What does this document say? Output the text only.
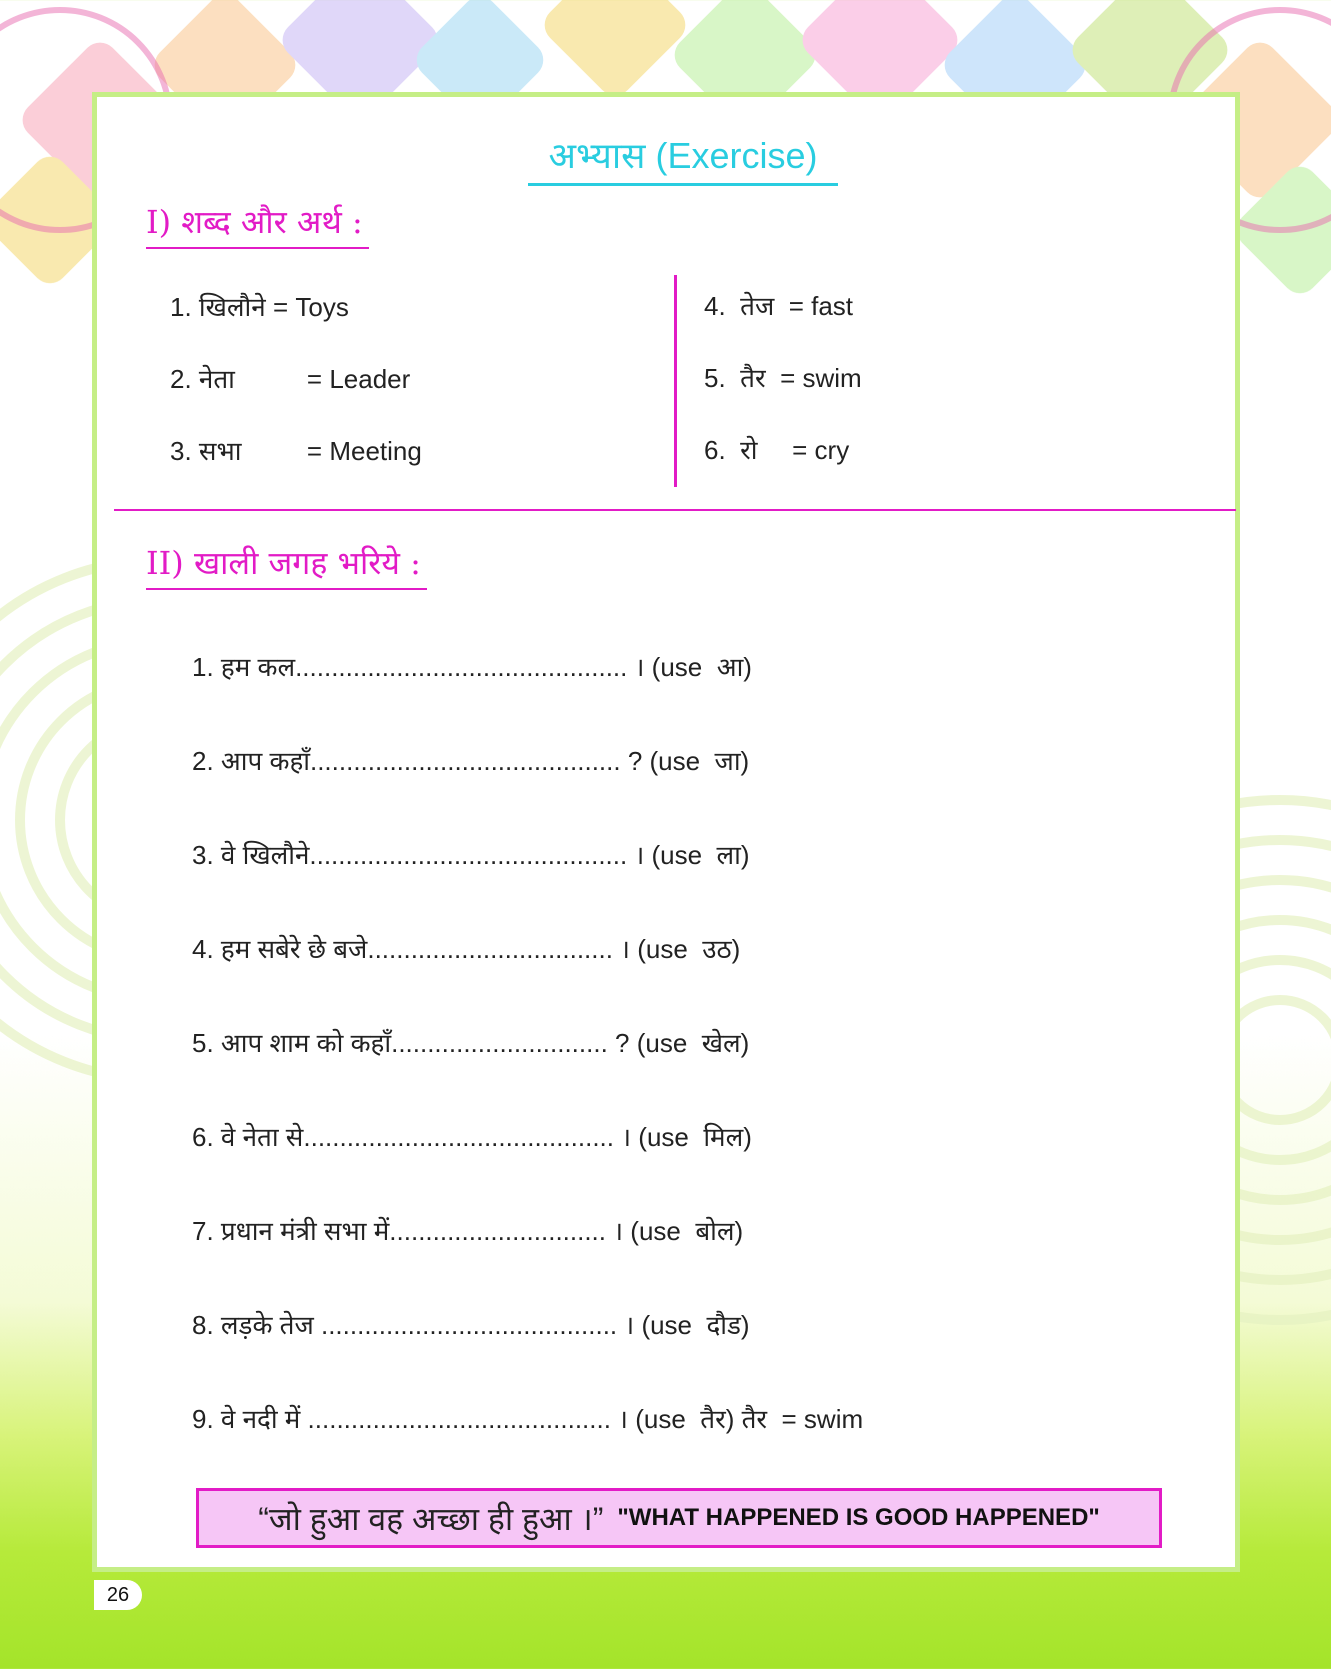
अभ्यास (Exercise)
I) शब्द और अर्थ :
1. खिलौने = Toys
2. नेता	= Leader
3. सभा	= Meeting
4. तेज = fast
5. तैर = swim
6. रो = cry
II) खाली जगह भरिये :
1. हम कल.............................................. । (use  आ)
2. आप कहाँ........................................... ? (use  जा)
3. वे खिलौने............................................ । (use  ला)
4. हम सबेरे छे बजे.................................. । (use  उठ)
5. आप शाम को कहाँ.............................. ? (use  खेल)
6. वे नेता से........................................... । (use  मिल)
7. प्रधान मंत्री सभा में.............................. । (use  बोल)
8. लड़के तेज ......................................... । (use  दौड)
9. वे नदी में .......................................... । (use  तैर) तैर  = swim
“जो हुआ वह अच्छा ही हुआ ।” "WHAT HAPPENED IS GOOD HAPPENED"
26
